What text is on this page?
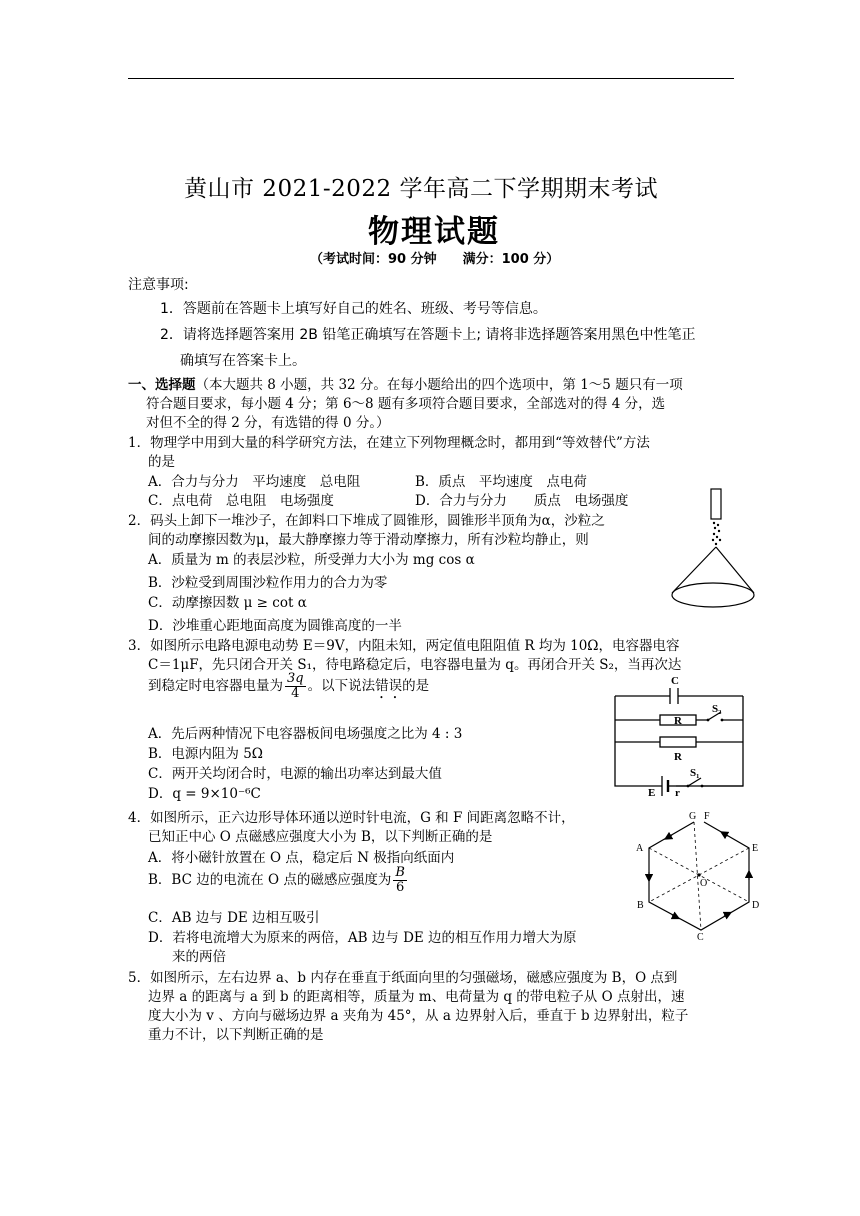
黄山市 2021-2022 学年高二下学期期末考试
物理试题
（考试时间：90 分钟　　满分：100 分）
注意事项:
1．答题前在答题卡上填写好自己的姓名、班级、考号等信息。
2．请将选择题答案用 2B 铅笔正确填写在答题卡上; 请将非选择题答案用黑色中性笔正
确填写在答案卡上。
一、选择题（本大题共 8 小题，共 32 分。在每小题给出的四个选项中，第 1～5 题只有一项
符合题目要求，每小题 4 分；第 6～8 题有多项符合题目要求，全部选对的得 4 分，选
对但不全的得 2 分，有选错的得 0 分。）
1．物理学中用到大量的科学研究方法，在建立下列物理概念时，都用到“等效替代”方法
的是
A．合力与分力　平均速度　总电阻	B．质点　平均速度　点电荷
C．点电荷　总电阻　电场强度	D．合力与分力　　质点　电场强度
2．码头上卸下一堆沙子，在卸料口下堆成了圆锥形，圆锥形半顶角为α，沙粒之
间的动摩擦因数为μ，最大静摩擦力等于滑动摩擦力，所有沙粒均静止，则
A．质量为 m 的表层沙粒，所受弹力大小为 mg cos α
B．沙粒受到周围沙粒作用力的合力为零
C．动摩擦因数 μ ≥ cot α
D．沙堆重心距地面高度为圆锥高度的一半
3．如图所示电路电源电动势 E＝9V，内阻未知，两定值电阻阻值 R 均为 10Ω，电容器电容
C＝1μF，先只闭合开关 S₁，待电路稳定后，电容器电量为 q。再闭合开关 S₂，当再次达
到稳定时电容器电量为 $\frac{3q}{4}$ 。以下说法错误的是
A．先后两种情况下电容器板间电场强度之比为 4 : 3
B．电源内阻为 5Ω
C．两开关均闭合时，电源的输出功率达到最大值
D．q = 9×10⁻⁶C
C
R
S₂
R
S₁
E r
4．如图所示，正六边形导体环通以逆时针电流，G 和 F 间距离忽略不计，
已知正中心 O 点磁感应强度大小为 B，以下判断正确的是
A．将小磁针放置在 O 点，稳定后 N 极指向纸面内
B．BC 边的电流在 O 点的磁感应强度为 $\frac{B}{6}$
C．AB 边与 DE 边相互吸引
D．若将电流增大为原来的两倍，AB 边与 DE 边的相互作用力增大为原
来的两倍
G F
A	E
B	D
C
O
5．如图所示，左右边界 a、b 内存在垂直于纸面向里的匀强磁场，磁感应强度为 B，O 点到
边界 a 的距离与 a 到 b 的距离相等，质量为 m、电荷量为 q 的带电粒子从 O 点射出，速
度大小为 v 、方向与磁场边界 a 夹角为 45°，从 a 边界射入后，垂直于 b 边界射出，粒子
重力不计，以下判断正确的是
